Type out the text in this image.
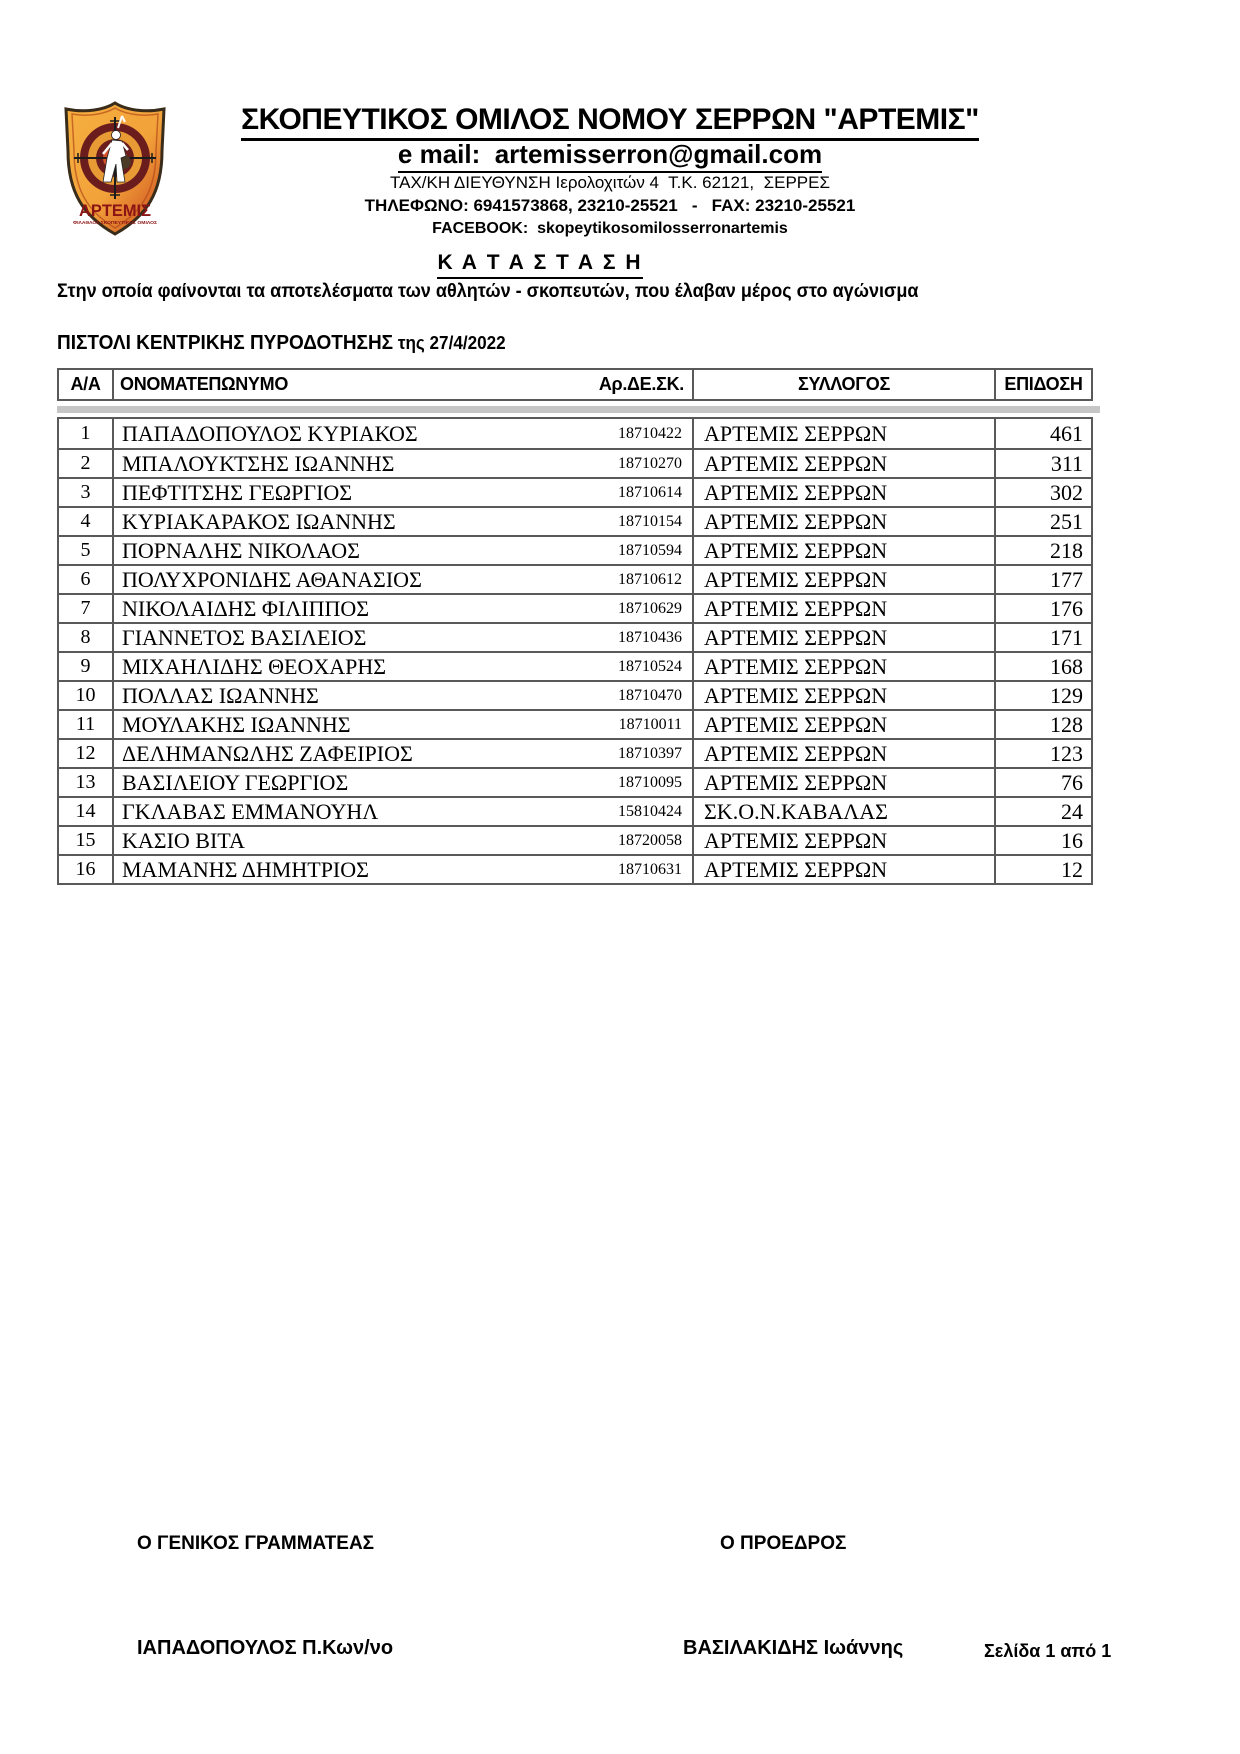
ΑΡΤΕΜΙΣ
ΦΙΛΑΘΛΟΣ ΣΚΟΠΕΥΤΙΚΟΣ ΟΜΙΛΟΣ
ΣΚΟΠΕΥΤΙΚΟΣ ΟΜΙΛΟΣ ΝΟΜΟΥ ΣΕΡΡΩΝ "ΑΡΤΕΜΙΣ"
e mail:  artemisserron@gmail.com
ΤΑΧ/ΚΗ ΔΙΕΥΘΥΝΣΗ Ιερολοχιτών 4  Τ.Κ. 62121,  ΣΕΡΡΕΣ
ΤΗΛΕΦΩΝΟ: 6941573868, 23210-25521   -   FAX: 23210-25521
FACEBOOK:  skopeytikosomilosserronartemis
Κ Α Τ Α Σ Τ Α Σ Η
Στην οποία φαίνονται τα αποτελέσματα των αθλητών - σκοπευτών, που έλαβαν μέρος στο αγώνισμα
ΠΙΣΤΟΛΙ ΚΕΝΤΡΙΚΗΣ ΠΥΡΟΔΟΤΗΣΗΣ της 27/4/2022
Α/Α	ΟΝΟΜΑΤΕΠΩΝΥΜΟ	Αρ.ΔΕ.ΣΚ.	ΣΥΛΛΟΓΟΣ	ΕΠΙΔΟΣΗ
1	ΠΑΠΑΔΟΠΟΥΛΟΣ ΚΥΡΙΑΚΟΣ	18710422	ΑΡΤΕΜΙΣ ΣΕΡΡΩΝ	461
2	ΜΠΑΛΟΥΚΤΣΗΣ ΙΩΑΝΝΗΣ	18710270	ΑΡΤΕΜΙΣ ΣΕΡΡΩΝ	311
3	ΠΕΦΤΙΤΣΗΣ ΓΕΩΡΓΙΟΣ	18710614	ΑΡΤΕΜΙΣ ΣΕΡΡΩΝ	302
4	ΚΥΡΙΑΚΑΡΑΚΟΣ ΙΩΑΝΝΗΣ	18710154	ΑΡΤΕΜΙΣ ΣΕΡΡΩΝ	251
5	ΠΟΡΝΑΛΗΣ ΝΙΚΟΛΑΟΣ	18710594	ΑΡΤΕΜΙΣ ΣΕΡΡΩΝ	218
6	ΠΟΛΥΧΡΟΝΙΔΗΣ ΑΘΑΝΑΣΙΟΣ	18710612	ΑΡΤΕΜΙΣ ΣΕΡΡΩΝ	177
7	ΝΙΚΟΛΑΙΔΗΣ ΦΙΛΙΠΠΟΣ	18710629	ΑΡΤΕΜΙΣ ΣΕΡΡΩΝ	176
8	ΓΙΑΝΝΕΤΟΣ ΒΑΣΙΛΕΙΟΣ	18710436	ΑΡΤΕΜΙΣ ΣΕΡΡΩΝ	171
9	ΜΙΧΑΗΛΙΔΗΣ ΘΕΟΧΑΡΗΣ	18710524	ΑΡΤΕΜΙΣ ΣΕΡΡΩΝ	168
10	ΠΟΛΛΑΣ ΙΩΑΝΝΗΣ	18710470	ΑΡΤΕΜΙΣ ΣΕΡΡΩΝ	129
11	ΜΟΥΛΑΚΗΣ ΙΩΑΝΝΗΣ	18710011	ΑΡΤΕΜΙΣ ΣΕΡΡΩΝ	128
12	ΔΕΛΗΜΑΝΩΛΗΣ ΖΑΦΕΙΡΙΟΣ	18710397	ΑΡΤΕΜΙΣ ΣΕΡΡΩΝ	123
13	ΒΑΣΙΛΕΙΟΥ ΓΕΩΡΓΙΟΣ	18710095	ΑΡΤΕΜΙΣ ΣΕΡΡΩΝ	76
14	ΓΚΛΑΒΑΣ ΕΜΜΑΝΟΥΗΛ	15810424	ΣΚ.Ο.Ν.ΚΑΒΑΛΑΣ	24
15	ΚΑΣΙΟ ΒΙΤΑ	18720058	ΑΡΤΕΜΙΣ ΣΕΡΡΩΝ	16
16	ΜΑΜΑΝΗΣ ΔΗΜΗΤΡΙΟΣ	18710631	ΑΡΤΕΜΙΣ ΣΕΡΡΩΝ	12
Ο ΓΕΝΙΚΟΣ ΓΡΑΜΜΑΤΕΑΣ	Ο ΠΡΟΕΔΡΟΣ
ΙΑΠΑΔΟΠΟΥΛΟΣ Π.Κων/νο	ΒΑΣΙΛΑΚΙΔΗΣ Ιωάννης	Σελίδα 1 από 1
